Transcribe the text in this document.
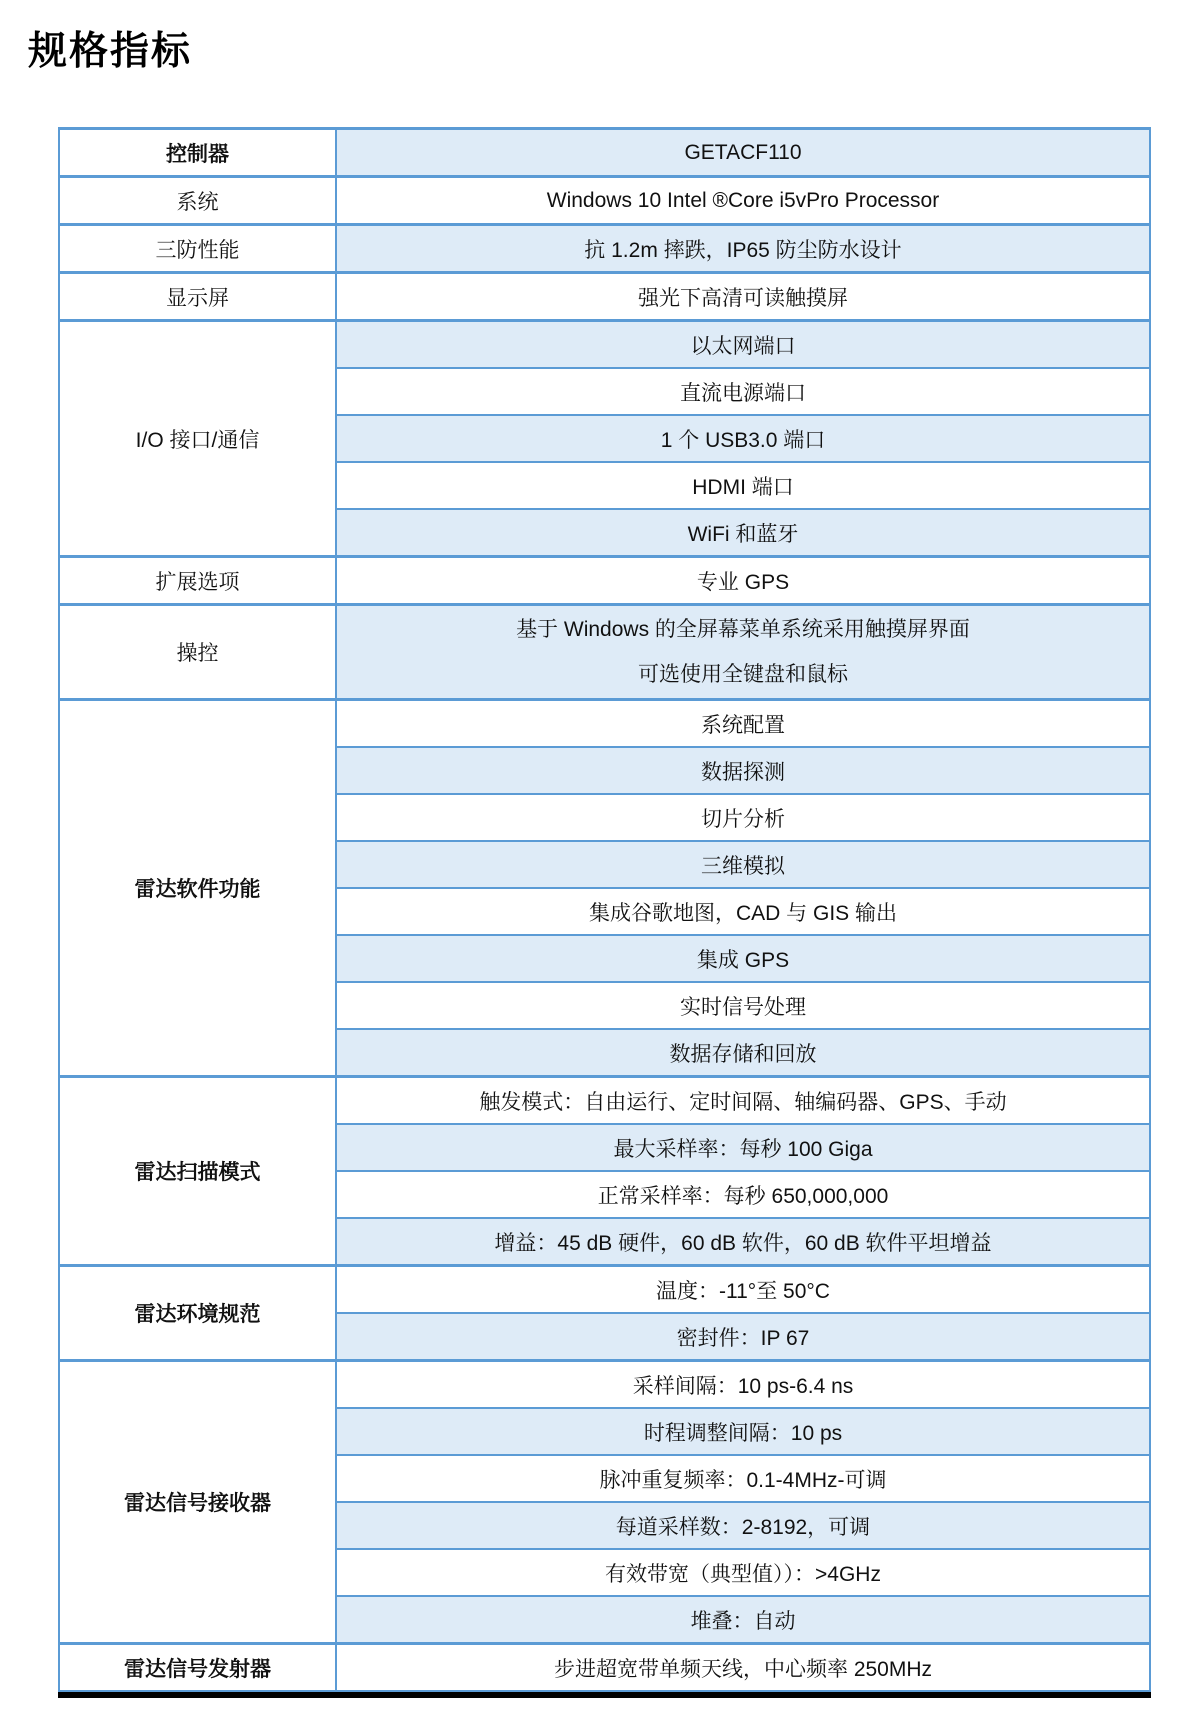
规格指标
控制器	GETACF110
系统	Windows 10 Intel ®Core i5vPro Processor
三防性能	抗 1.2m 摔跌，IP65 防尘防水设计
显示屏	强光下高清可读触摸屏
I/O 接口/通信	以太网端口
	直流电源端口
	1 个 USB3.0 端口
	HDMI 端口
	WiFi 和蓝牙
扩展选项	专业 GPS
操控	基于 Windows 的全屏幕菜单系统采用触摸屏界面
可选使用全键盘和鼠标
雷达软件功能	系统配置
	数据探测
	切片分析
	三维模拟
	集成谷歌地图，CAD 与 GIS 输出
	集成 GPS
	实时信号处理
	数据存储和回放
雷达扫描模式	触发模式：自由运行、定时间隔、轴编码器、GPS、手动
	最大采样率：每秒 100 Giga
	正常采样率：每秒 650,000,000
	增益：45 dB 硬件，60 dB 软件，60 dB 软件平坦增益
雷达环境规范	温度：-11°至 50°C
	密封件：IP 67
雷达信号接收器	采样间隔：10 ps-6.4 ns
	时程调整间隔：10 ps
	脉冲重复频率：0.1-4MHz-可调
	每道采样数：2-8192，可调
	有效带宽（典型值））：>4GHz
	堆叠：自动
雷达信号发射器	步进超宽带单频天线，中心频率 250MHz
